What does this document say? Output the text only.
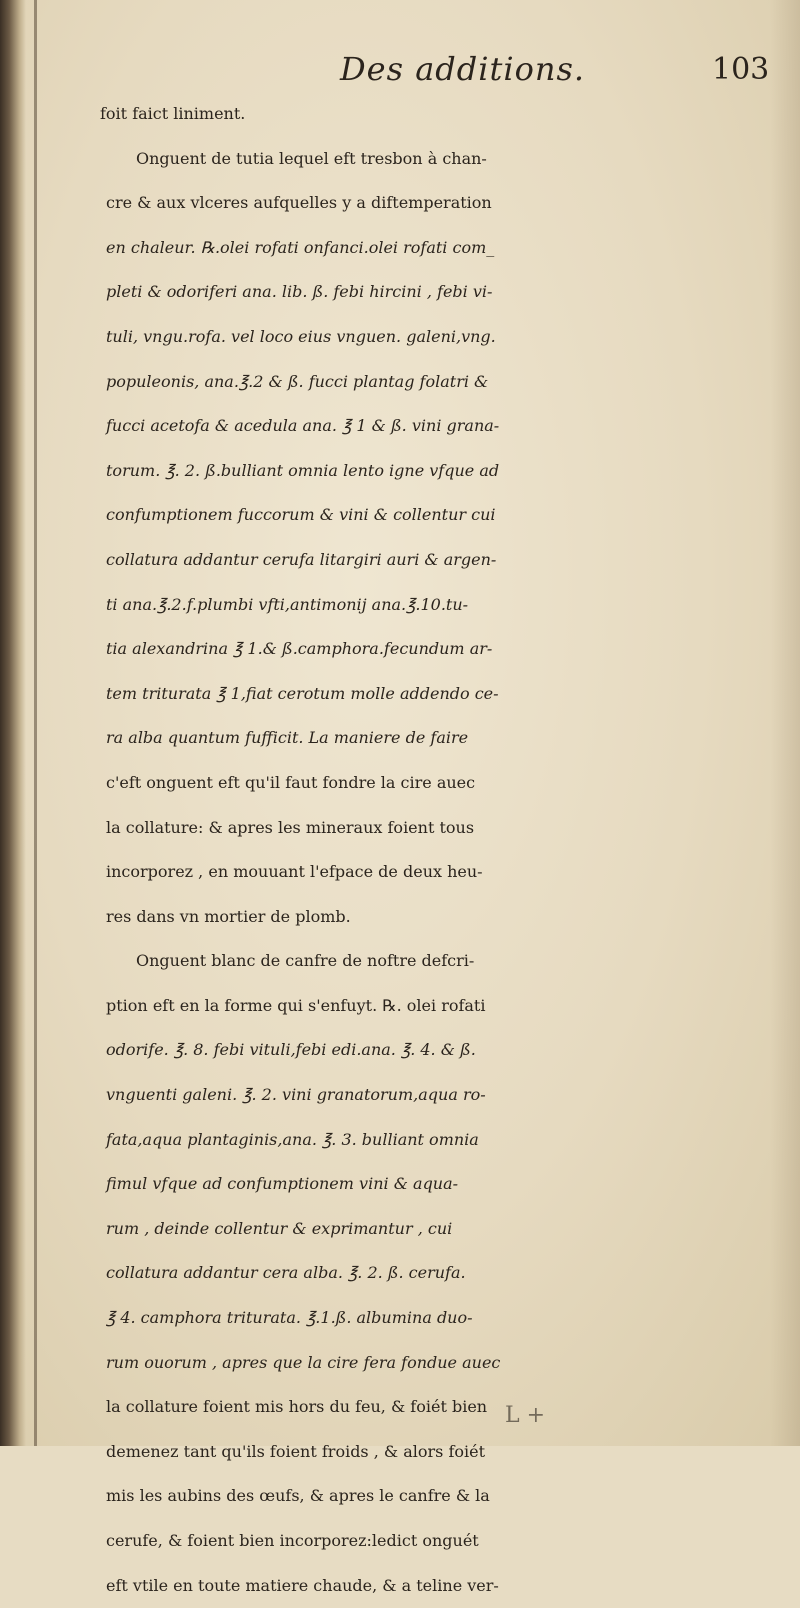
Des additions.	103
foit faict liniment.
Onguent de tutia lequel eft tresbon à chan-
cre & aux vlceres aufquelles y a diftemperation
en chaleur. ℞.olei rofati onfanci.olei rofati com_
pleti & odoriferi ana. lib. ß. febi hircini , febi vi-
tuli, vngu.rofa. vel loco eius vnguen. galeni,vng.
populeonis, ana.℥.2 & ß. fucci plantag folatri &
fucci acetofa & acedula ana. ℥ 1 & ß. vini grana-
torum. ℥. 2. ß.bulliant omnia lento igne vfque ad
confumptionem fuccorum & vini & collentur cui
collatura addantur cerufa litargiri auri & argen-
ti ana.℥.2.f.plumbi vfti,antimonij ana.℥.10.tu-
tia alexandrina ℥ 1.& ß.camphora.fecundum ar-
tem triturata ℥ 1,fiat cerotum molle addendo ce-
ra alba quantum fufficit. La maniere de faire
c'eft onguent eft qu'il faut fondre la cire auec
la collature: & apres les mineraux foient tous
incorporez , en mouuant l'efpace de deux heu-
res dans vn mortier de plomb.
Onguent blanc de canfre de noftre defcri-
ption eft en la forme qui s'enfuyt. ℞. olei rofati
odorife. ℥. 8. febi vituli,febi edi.ana. ℥. 4. & ß.
vnguenti galeni. ℥. 2. vini granatorum,aqua ro-
fata,aqua plantaginis,ana. ℥. 3. bulliant omnia
fimul vfque ad confumptionem vini & aqua-
rum , deinde collentur & exprimantur , cui
collatura addantur cera alba. ℥. 2. ß. cerufa.
℥ 4. camphora triturata. ℥.1.ß. albumina duo-
rum ouorum , apres que la cire fera fondue auec
la collature foient mis hors du feu, & foiét bien
demenez tant qu'ils foient froids , & alors foiét
mis les aubins des œufs, & apres le canfre & la
cerufe, & foient bien incorporez:ledict onguét
eft vtile en toute matiere chaude, & a teline ver-
L +
